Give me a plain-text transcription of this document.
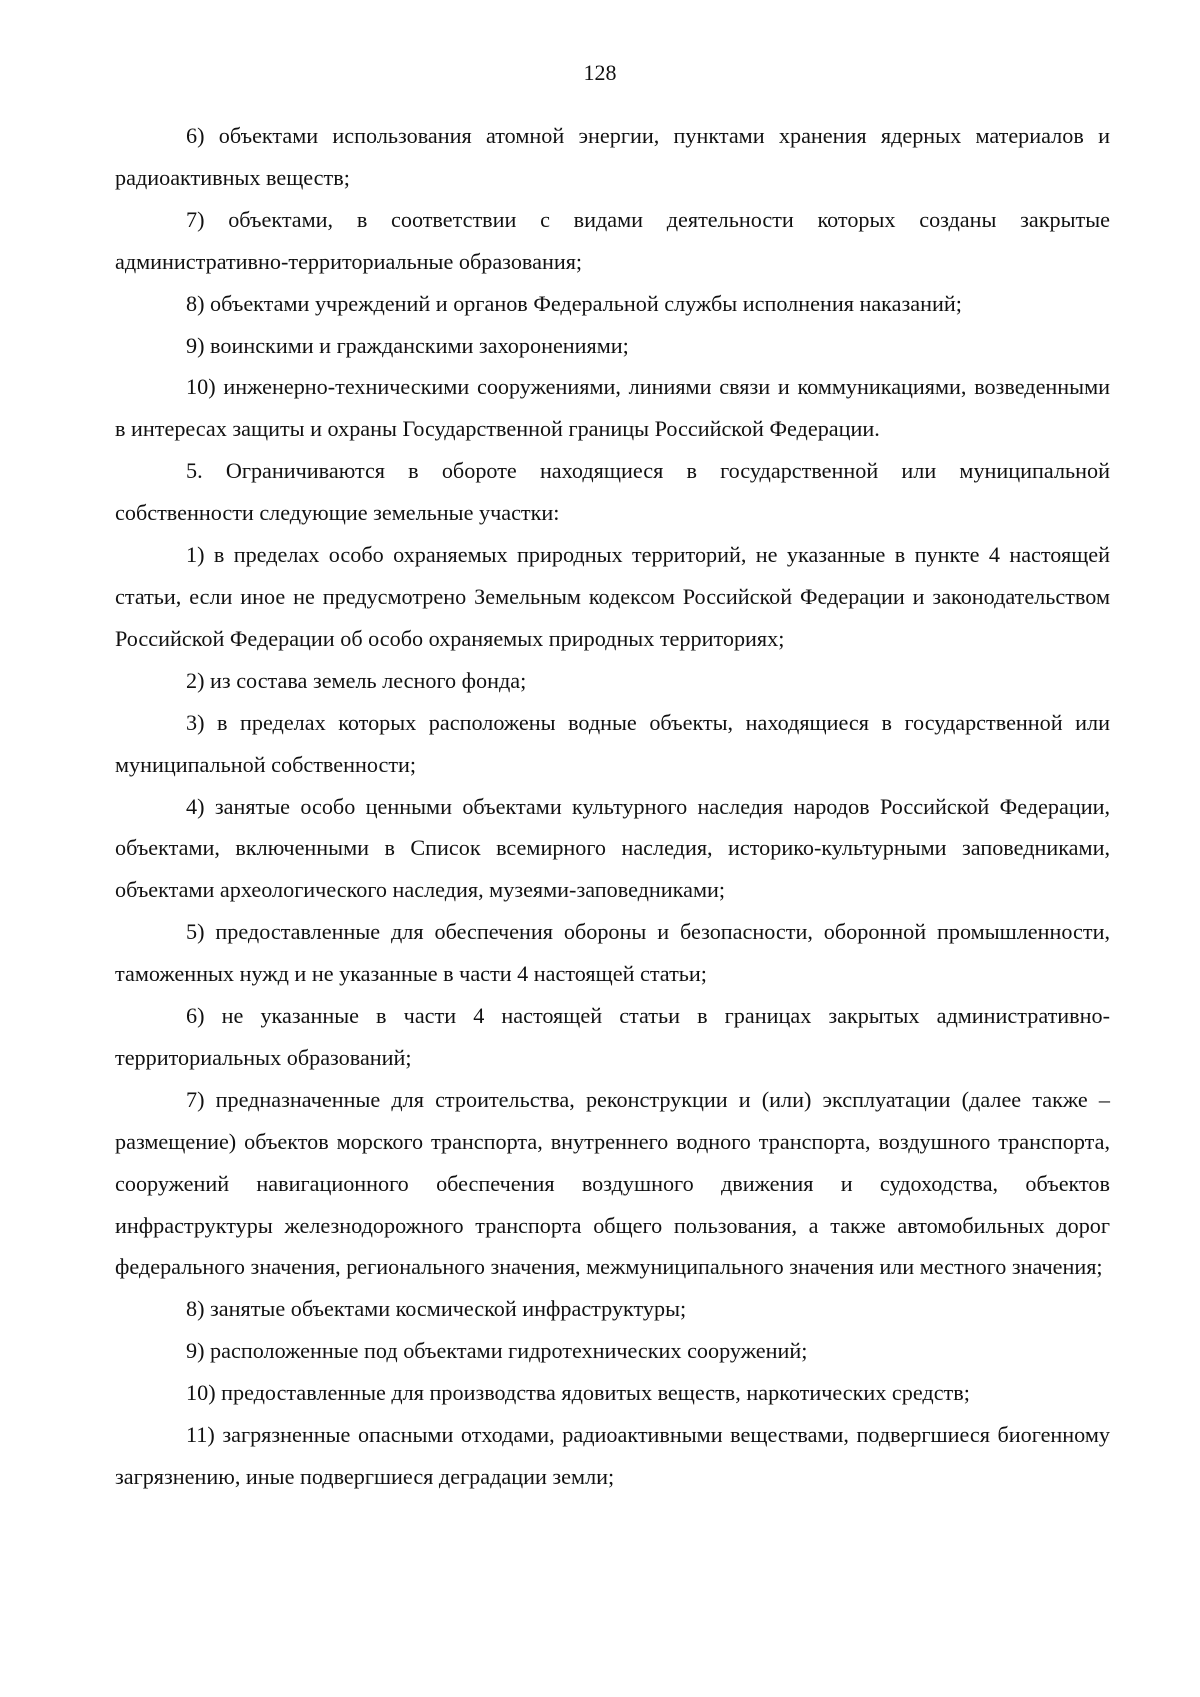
128

6) объектами использования атомной энергии, пунктами хранения ядерных материалов и радиоактивных веществ;

7) объектами, в соответствии с видами деятельности которых созданы закрытые административно-территориальные образования;

8) объектами учреждений и органов Федеральной службы исполнения наказаний;

9) воинскими и гражданскими захоронениями;

10) инженерно-техническими сооружениями, линиями связи и коммуникациями, возведенными в интересах защиты и охраны Государственной границы Российской Федерации.

5. Ограничиваются в обороте находящиеся в государственной или муниципальной собственности следующие земельные участки:

1) в пределах особо охраняемых природных территорий, не указанные в пункте 4 настоящей статьи, если иное не предусмотрено Земельным кодексом Российской Федерации и законодательством Российской Федерации об особо охраняемых природных территориях;

2) из состава земель лесного фонда;

3) в пределах которых расположены водные объекты, находящиеся в государственной или муниципальной собственности;

4) занятые особо ценными объектами культурного наследия народов Российской Федерации, объектами, включенными в Список всемирного наследия, историко-культурными заповедниками, объектами археологического наследия, музеями-заповедниками;

5) предоставленные для обеспечения обороны и безопасности, оборонной промышленности, таможенных нужд и не указанные в части 4 настоящей статьи;

6) не указанные в части 4 настоящей статьи в границах закрытых административно-территориальных образований;

7) предназначенные для строительства, реконструкции и (или) эксплуатации (далее также – размещение) объектов морского транспорта, внутреннего водного транспорта, воздушного транспорта, сооружений навигационного обеспечения воздушного движения и судоходства, объектов инфраструктуры железнодорожного транспорта общего пользования, а также автомобильных дорог федерального значения, регионального значения, межмуниципального значения или местного значения;

8) занятые объектами космической инфраструктуры;

9) расположенные под объектами гидротехнических сооружений;

10) предоставленные для производства ядовитых веществ, наркотических средств;

11) загрязненные опасными отходами, радиоактивными веществами, подвергшиеся биогенному загрязнению, иные подвергшиеся деградации земли;
